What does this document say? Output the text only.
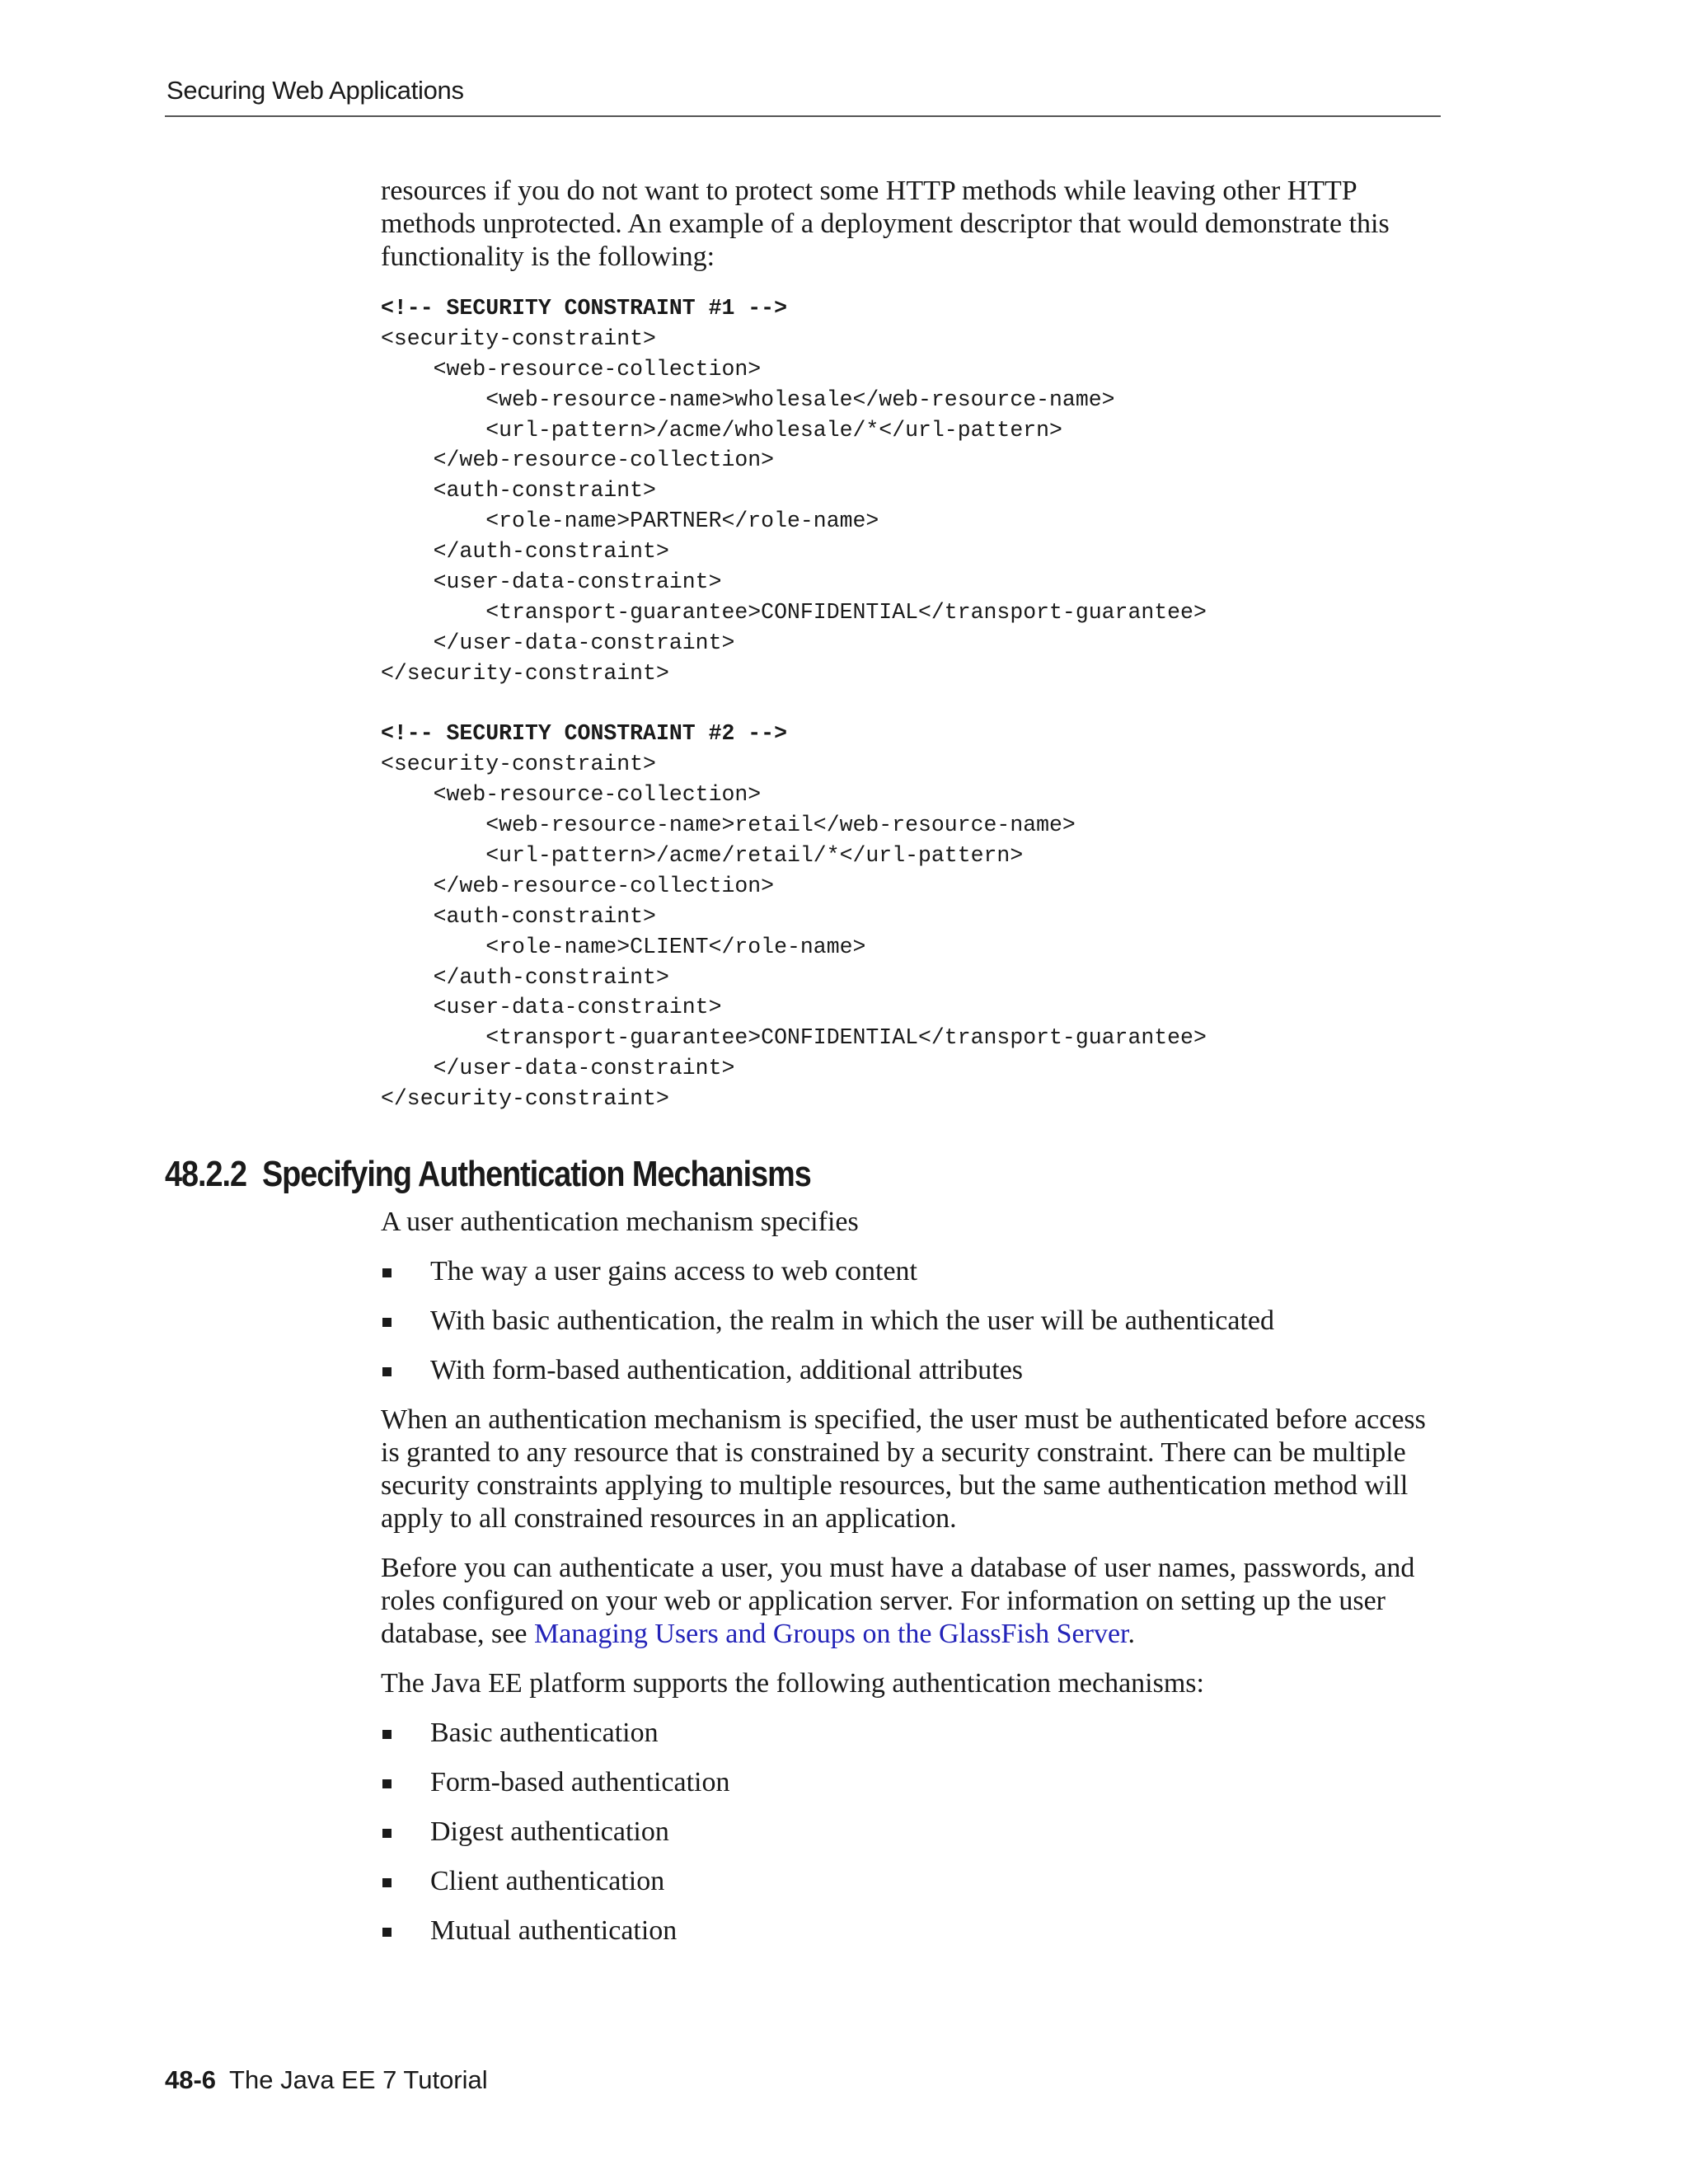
Securing Web Applications

resources if you do not want to protect some HTTP methods while leaving other HTTP methods unprotected. An example of a deployment descriptor that would demonstrate this functionality is the following:

<!-- SECURITY CONSTRAINT #1 -->
<security-constraint>
<web-resource-collection>
<web-resource-name>wholesale</web-resource-name>
<url-pattern>/acme/wholesale/*</url-pattern>
</web-resource-collection>
<auth-constraint>
<role-name>PARTNER</role-name>
</auth-constraint>
<user-data-constraint>
<transport-guarantee>CONFIDENTIAL</transport-guarantee>
</user-data-constraint>
</security-constraint>
<!-- SECURITY CONSTRAINT #2 -->
<security-constraint>
<web-resource-collection>
<web-resource-name>retail</web-resource-name>
<url-pattern>/acme/retail/*</url-pattern>
</web-resource-collection>
<auth-constraint>
<role-name>CLIENT</role-name>
</auth-constraint>
<user-data-constraint>
<transport-guarantee>CONFIDENTIAL</transport-guarantee>
</user-data-constraint>
</security-constraint>
48.2.2 Specifying Authentication Mechanisms

A user authentication mechanism specifies

The way a user gains access to web content
With basic authentication, the realm in which the user will be authenticated
With form-based authentication, additional attributes

When an authentication mechanism is specified, the user must be authenticated before access is granted to any resource that is constrained by a security constraint. There can be multiple security constraints applying to multiple resources, but the same authentication method will apply to all constrained resources in an application.

Before you can authenticate a user, you must have a database of user names, passwords, and roles configured on your web or application server. For information on setting up the user database, see Managing Users and Groups on the GlassFish Server.

The Java EE platform supports the following authentication mechanisms:

Basic authentication
Form-based authentication
Digest authentication
Client authentication
Mutual authentication
48-6 The Java EE 7 Tutorial
